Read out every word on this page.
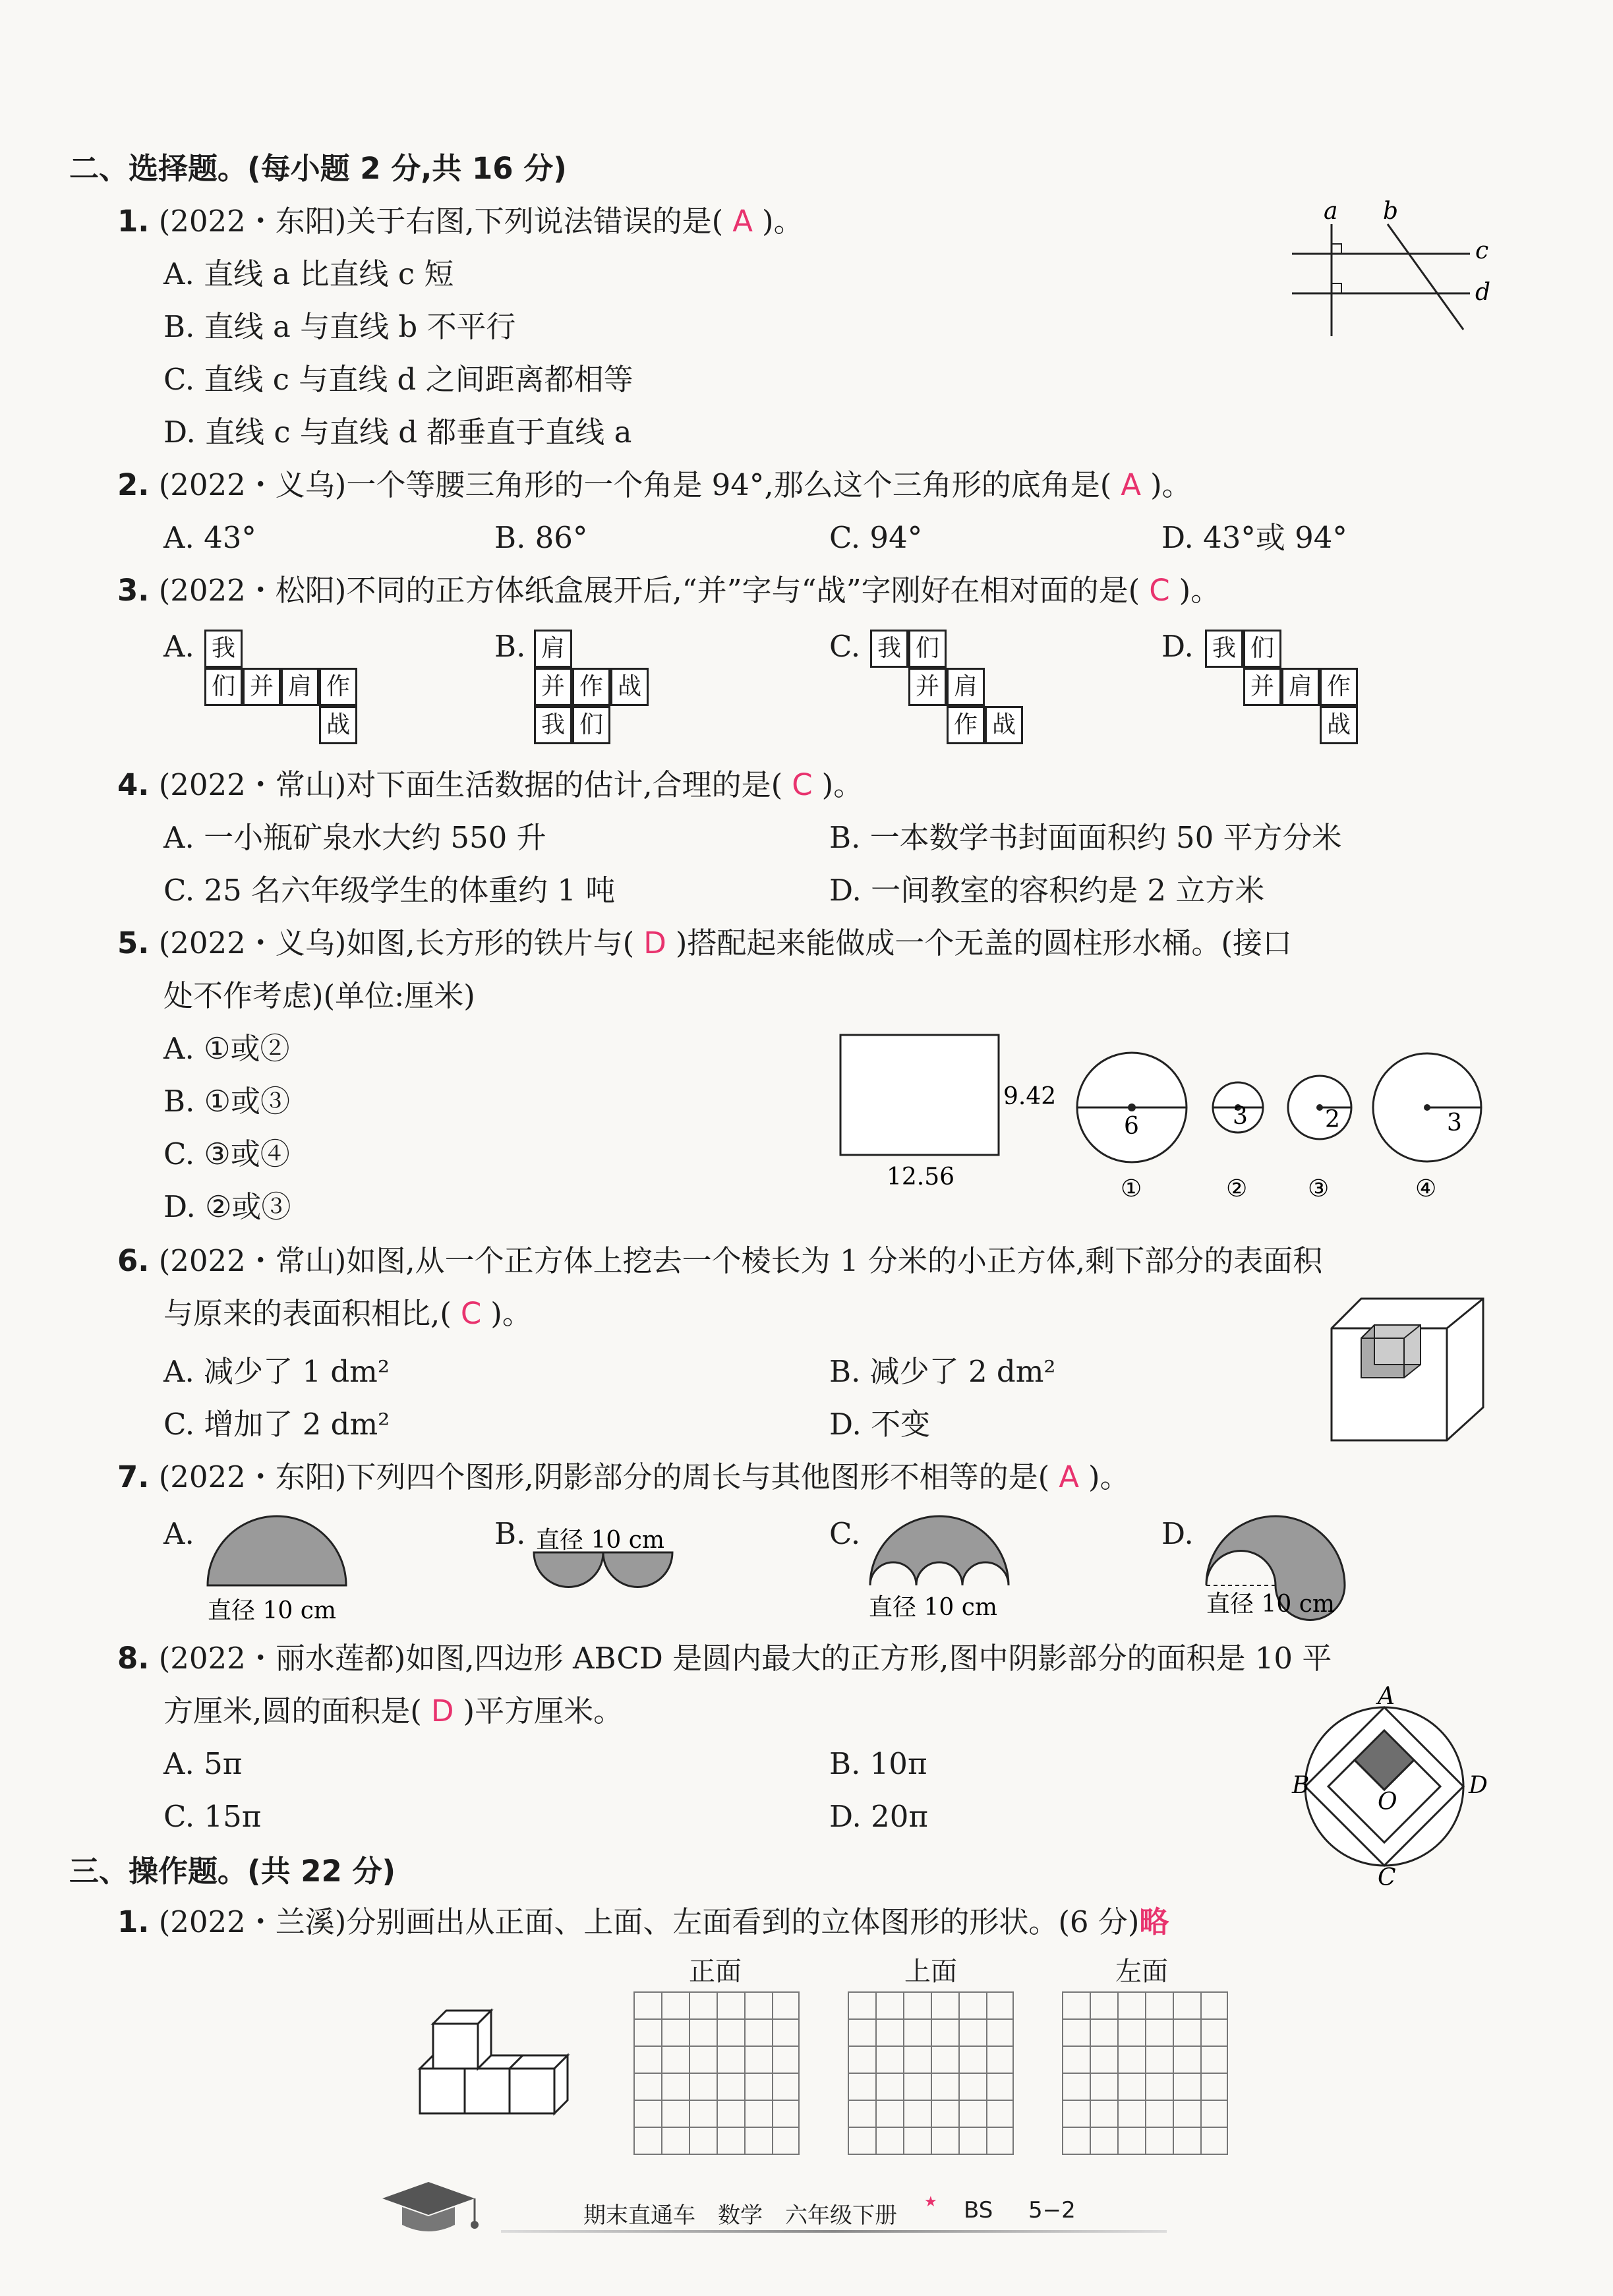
二、选择题。(每小题 2 分,共 16 分)
1. (2022・东阳)关于右图,下列说法错误的是( A )。
A. 直线 a 比直线 c 短
B. 直线 a 与直线 b 不平行
C. 直线 c 与直线 d 之间距离都相等
D. 直线 c 与直线 d 都垂直于直线 a
a b
c
d
2. (2022・义乌)一个等腰三角形的一个角是 94°,那么这个三角形的底角是( A )。
A. 43°	B. 86°	C. 94°	D. 43°或 94°
3. (2022・松阳)不同的正方体纸盒展开后,“并”字与“战”字刚好在相对面的是( C )。
A. 我
们 并 肩 作
战
B. 肩
并 作 战
我 们
C. 我 们
并 肩
作 战
D. 我 们
并 肩 作
战
4. (2022・常山)对下面生活数据的估计,合理的是( C )。
A. 一小瓶矿泉水大约 550 升	B. 一本数学书封面面积约 50 平方分米
C. 25 名六年级学生的体重约 1 吨	D. 一间教室的容积约是 2 立方米
5. (2022・义乌)如图,长方形的铁片与( D )搭配起来能做成一个无盖的圆柱形水桶。(接口
处不作考虑)(单位:厘米)
A. ①或②
B. ①或③
C. ③或④
D. ②或③
9.42
12.56
6	3	2	3
①	②	③	④
6. (2022・常山)如图,从一个正方体上挖去一个棱长为 1 分米的小正方体,剩下部分的表面积
与原来的表面积相比,( C )。
A. 减少了 1 dm²	B. 减少了 2 dm²
C. 增加了 2 dm²	D. 不变
7. (2022・东阳)下列四个图形,阴影部分的周长与其他图形不相等的是( A )。
A.
直径 10 cm
B. 直径 10 cm	C.
直径 10 cm
D.
直径 10 cm
8. (2022・丽水莲都)如图,四边形 ABCD 是圆内最大的正方形,图中阴影部分的面积是 10 平
方厘米,圆的面积是( D )平方厘米。
A. 5π	B. 10π
C. 15π	D. 20π
A
B	D
C
O
三、操作题。(共 22 分)
1. (2022・兰溪)分别画出从正面、上面、左面看到的立体图形的形状。(6 分)略
正面	上面	左面
期末直通车　数学　六年级下册
★ BS 5−2
